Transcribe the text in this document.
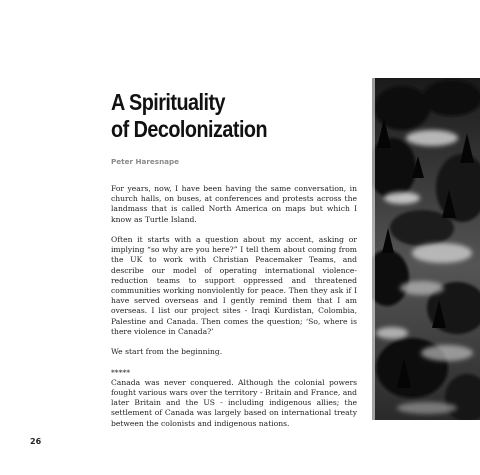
A Spirituality
of Decolonization

Peter Haresnape

For years, now, I have been having the same conversation, in church halls, on buses, at conferences and protests across the landmass that is called North America on maps but which I know as Turtle Island.

Often it starts with a question about my accent, asking or implying “so why are you here?” I tell them about coming from the UK to work with Christian Peacemaker Teams, and describe our model of operating international violence-reduction teams to support oppressed and threatened communities working nonviolently for peace. Then they ask if I have served overseas and I gently remind them that I am overseas. I list our project sites - Iraqi Kurdistan, Colombia, Palestine and Canada. Then comes the question; ‘So, where is there violence in Canada?’

We start from the beginning.

*****
Canada was never conquered. Although the colonial powers fought various wars over the territory - Britain and France, and later Britain and the US - including indigenous allies; the settlement of Canada was largely based on international treaty between the colonists and indigenous nations.

26
